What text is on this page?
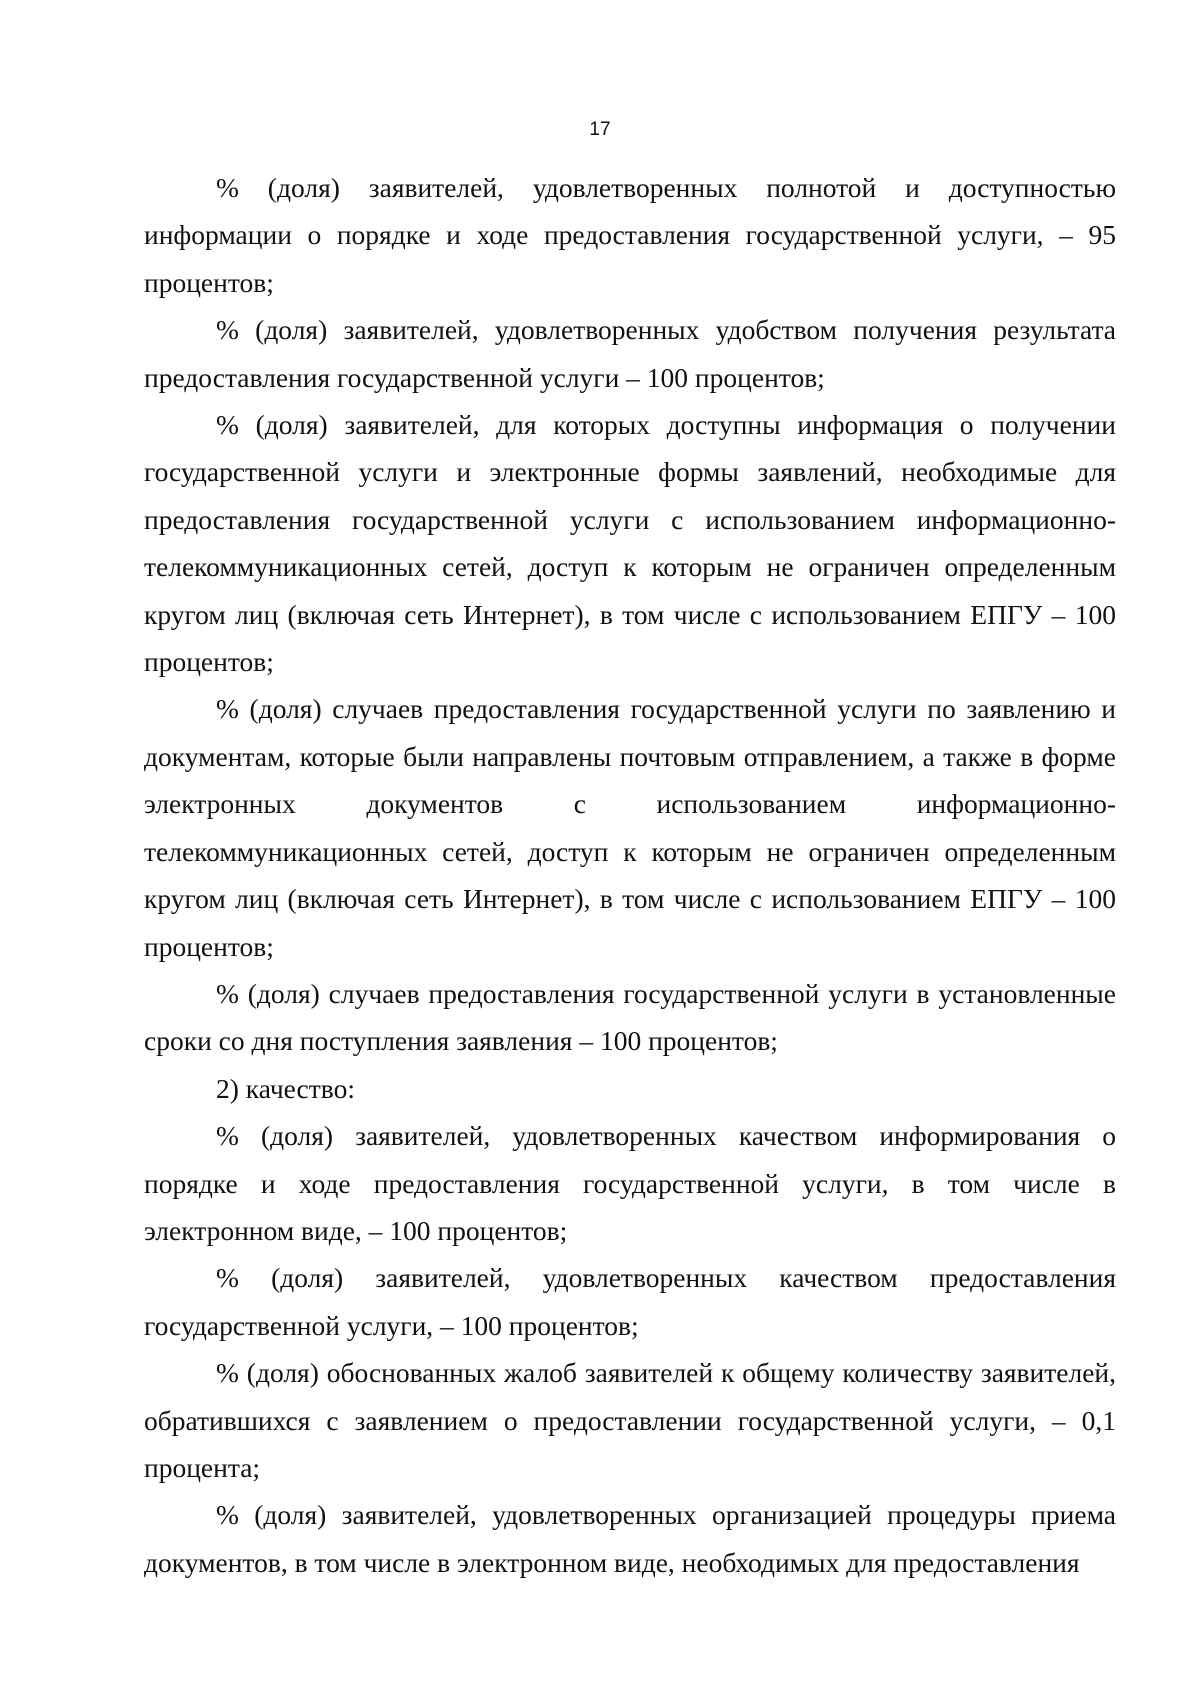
17

% (доля) заявителей, удовлетворенных полнотой и доступностью информации о порядке и ходе предоставления государственной услуги, – 95 процентов;

% (доля) заявителей, удовлетворенных удобством получения результата предоставления государственной услуги – 100 процентов;

% (доля) заявителей, для которых доступны информация о получении государственной услуги и электронные формы заявлений, необходимые для предоставления государственной услуги с использованием информационно-телекоммуникационных сетей, доступ к которым не ограничен определенным кругом лиц (включая сеть Интернет), в том числе с использованием ЕПГУ – 100 процентов;

% (доля) случаев предоставления государственной услуги по заявлению и документам, которые были направлены почтовым отправлением, а также в форме электронных документов с использованием информационно- телекоммуникационных сетей, доступ к которым не ограничен определенным кругом лиц (включая сеть Интернет), в том числе с использованием ЕПГУ – 100 процентов;

% (доля) случаев предоставления государственной услуги в установленные сроки со дня поступления заявления – 100 процентов;

2) качество:

% (доля) заявителей, удовлетворенных качеством информирования о порядке и ходе предоставления государственной услуги, в том числе в электронном виде, – 100 процентов;

% (доля) заявителей, удовлетворенных качеством предоставления государственной услуги, – 100 процентов;

% (доля) обоснованных жалоб заявителей к общему количеству заявителей, обратившихся с заявлением о предоставлении государственной услуги, – 0,1 процента;

% (доля) заявителей, удовлетворенных организацией процедуры приема документов, в том числе в электронном виде, необходимых для предоставления
